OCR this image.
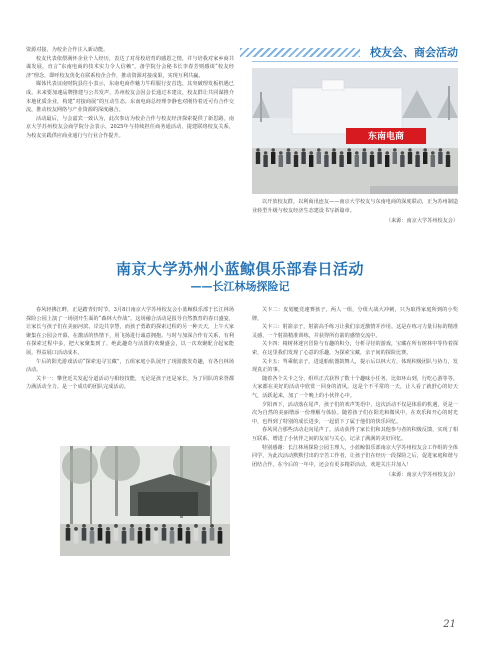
校友会、商会活动

资源对接，为校企合作注入新动能。

校友代表依偎满怀企业个人经历，表达了对母校培育的感恩之情，并与培我对家乡商共谋发展，直言“东南电商的技术实力令人信赖”，备学院分会秘书长李春芳则感谈“校友经济”理念，即呼校友优化在联系校企合作，推动资源对接成果，实现互利共赢。

媒体代表证南财院县往小表示，东南电商作魅力牛程服行安首选，其突破理发板机遇已成。未来要加速品牌推建与公共发声，苏州校友会因会长通过本建议，校友群让共同谋推介本地优质企业，构建“对接商展”的互动生态。东南电商总经理李静也对刚待着近可有合作交流，推动校友网络与产业资源的深度融合。

活动最后，与会嘉宾一致认为，此次参访为校企合作与校友经济探索提供了新思路。南京大学苏州校友会商学院分会表示，2025年与持续担任商务通活动，提建联络校友关系，为校友实践供应商业通行与行业合作提升。	东南电商

以开放校友群，以利商讯连友——南京大学校友与东南电商的深度联动，正为苏州制造业转型升级与校友经济生态建设书写新篇章。

（来源：南京大学苏州校友会）
南京大学苏州小蓝鲸俱乐部春日活动
——长江林场探险记

春风轻拂江畔，正是踏青好时节。3月8日南京大学苏州校友会小蓝鲸俱乐部于长江林场探险公园上演了一场别开生面的“森林大作战”。这场融合活动是报导自然教育的春日盛宴，让家长与孩子们在美丽河滨、岸边共享慧，而孩子勇敢的探索过程的另一种天天，上午大家聚集在公园会开幕，在激活的热情下，用飞扬进行诚意拥抱。与时与加深合作有关系，有利在探索过程中多，把大家聚集到了，绝此趣奇与活泼的欢聚盛会，以一次欢聚配合起家能展。得益展口活动成本。

午后的阳光游戏活动“探索追寻宝藏”，五组家庭小队展开了现游激发奇趣，有各自林场活动。

关卡一：攀登近关发起分道活动与相较技能，无论是孩子还是家长，为了同队的荣誉都力满活动全力。是一个成功的团队完成活动。

关卡二：皮划艇竞速赛孩子，两人一组，分组大战大冲刺，只为取得家庭所到的小奖牌。

关卡三：射箭亲子，射箭高手练习让我们亲近激情并沙用。这是在练习力量目标的精准灵感，一个射箭精准训练，并获得所有箭的感情交流中。

关卡四：椅树林迷宫冒险与有趣的积分，分析寻径的游戏，宝藏在所有树林中等待着探索，在这里我们发现了心意的乐趣，为探索宝藏，亲子间的探险比赛。

关卡五：驾乘航亲子。进退船航器鼓舞人，提示后以林大方，体现积极团队与协力，发现真正的事。

随着各个关卡之分，组织正式获得了数十个趣味小任务，比如环山到，行吃心游等等。大家都在美好的活动中欣赏一回身的清风。这是个不平常的一天，让人看了就舒心的好天气，活跃起来，加了一个晚上的小伙伴心中。

夕阳西下，活动落在尾声，孩子们的欢声笑语中，这次活动不仅是体验的机遇，更是一次为自然的美丽增添一份理解与体验。随着孩子们在阳光和微风中，在欢乐和开心的时光中，也得到了特别的成长进步，一起留下了属于他们的快乐回忆。

春风同合那些活动走向尾声了。活动获得了家长们和其他参与者的积极反馈，实现了相互联系、增进了小伙伴之间的友谊与关心，记录了满满的美好回忆。

特别感谢：长江林场探险公园主理人，小蓝鲸俱乐部南京大学苏州校友会工作组的全体同学，为此次活动默默付出的辛苦工作者，让孩子们在经历一段探险之后，促进家庭和谐与团结合作。在今后的一年中，还会有更多精彩活动，欢迎关注并加入！

（来源：南京大学苏州校友会）
21
